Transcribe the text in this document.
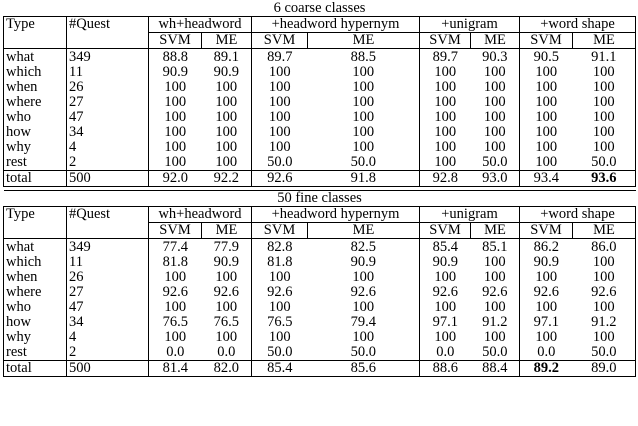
6 coarse classes									
Type	#Quest	wh+headword		+headword hypernym		+unigram		+word shape	
		SVM	ME	SVM	ME	SVM	ME	SVM	ME
what	349	88.8	89.1	89.7	88.5	89.7	90.3	90.5	91.1
which	11	90.9	90.9	100	100	100	100	100	100
when	26	100	100	100	100	100	100	100	100
where	27	100	100	100	100	100	100	100	100
who	47	100	100	100	100	100	100	100	100
how	34	100	100	100	100	100	100	100	100
why	4	100	100	100	100	100	100	100	100
rest	2	100	100	50.0	50.0	100	50.0	100	50.0
total	500	92.0	92.2	92.6	91.8	92.8	93.0	93.4	93.6

50 fine classes									
Type	#Quest	wh+headword		+headword hypernym		+unigram		+word shape	
		SVM	ME	SVM	ME	SVM	ME	SVM	ME
what	349	77.4	77.9	82.8	82.5	85.4	85.1	86.2	86.0
which	11	81.8	90.9	81.8	90.9	90.9	100	90.9	100
when	26	100	100	100	100	100	100	100	100
where	27	92.6	92.6	92.6	92.6	92.6	92.6	92.6	92.6
who	47	100	100	100	100	100	100	100	100
how	34	76.5	76.5	76.5	79.4	97.1	91.2	97.1	91.2
why	4	100	100	100	100	100	100	100	100
rest	2	0.0	0.0	50.0	50.0	0.0	50.0	0.0	50.0
total	500	81.4	82.0	85.4	85.6	88.6	88.4	89.2	89.0
